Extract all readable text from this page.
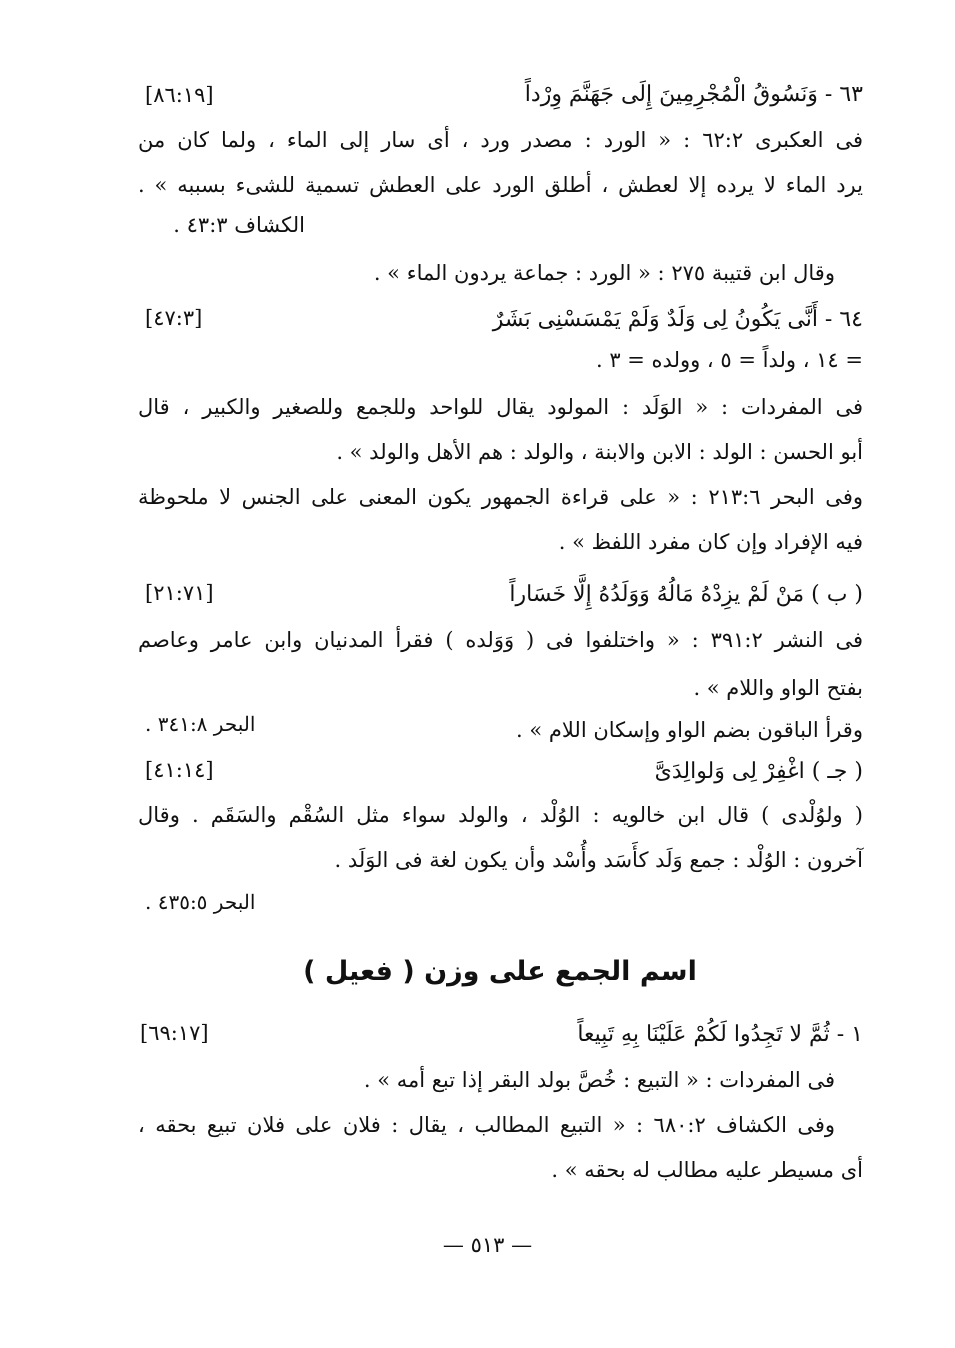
٦٣ - وَنَسُوقُ الْمُجْرِمِينَ إِلَى جَهَنَّمَ وِرْداً
[٨٦:١٩]
فى العكبرى ٦٢:٢ : « الورد : مصدر ورد ، أى سار إلى الماء ، ولما كان من
يرد الماء لا يرده إلا لعطش ، أطلق الورد على العطش تسمية للشىء بسببه » .
الكشاف ٤٣:٣ .
وقال ابن قتيبة ٢٧٥ : « الورد : جماعة يردون الماء » .
٦٤ - أَنَّى يَكُونُ لِى وَلَدٌ وَلَمْ يَمْسَسْنِى بَشَرٌ
[٤٧:٣]
= ١٤ ، ولداً = ٥ ، وولده = ٣ .
فى المفردات : « الوَلَد : المولود يقال للواحد وللجمع وللصغير والكبير ، قال
أبو الحسن : الولد : الابن والابنة ، والولد : هم الأهل والولد » .
وفى البحر ٢١٣:٦ : « على قراءة الجمهور يكون المعنى على الجنس لا ملحوظة
فيه الإفراد وإن كان مفرد اللفظ » .
( ب ) مَنْ لَمْ يزِدْهُ مَالُهُ وَوَلَدُهُ إِلَّا خَسَاراً
[٢١:٧١]
فى النشر ٣٩١:٢ : « واختلفوا فى ( وَوَلده ) فقرأ المدنيان وابن عامر وعاصم
بفتح الواو واللام » .
وقرأ الباقون بضم الواو وإسكان اللام » .
البحر ٣٤١:٨ .
( جـ ) اغْفِرْ لِى وَلوالِدَىَّ
[٤١:١٤]
( ولوُلْدى ) قال ابن خالويه : الوُلْد ، والولد سواء مثل السُقْم والسَقَم . وقال
آخرون : الوُلْد : جمع وَلَد كأَسَد وأُسْد وأن يكون لغة فى الوَلَد .
البحر ٤٣٥:٥ .
اسم الجمع على وزن ( فعيل )
١ - ثُمَّ لا تَجِدُوا لَكُمْ عَلَيْنَا بِهِ تَبِيعاً
[٦٩:١٧]
فى المفردات : « التبيع : خُصَّ بولد البقر إذا تبع أمه » .
وفى الكشاف ٦٨٠:٢ : « التبيع المطالب ، يقال : فلان على فلان تبيع بحقه ،
أى مسيطر عليه مطالب له بحقه » .
— ٥١٣ —
